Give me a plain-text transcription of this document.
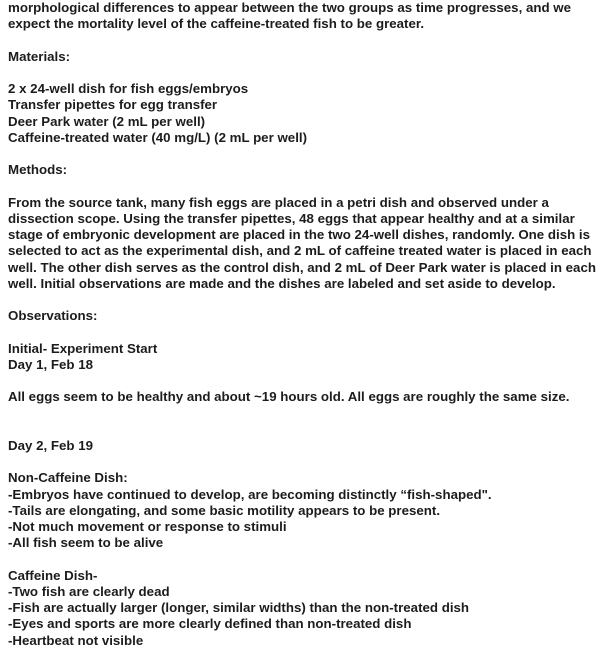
morphological differences to appear between the two groups as time progresses, and we
expect the mortality level of the caffeine-treated fish to be greater.
Materials:
2 x 24-well dish for fish eggs/embryos
Transfer pipettes for egg transfer
Deer Park water (2 mL per well)
Caffeine-treated water (40 mg/L) (2 mL per well)
Methods:
From the source tank, many fish eggs are placed in a petri dish and observed under a
dissection scope. Using the transfer pipettes, 48 eggs that appear healthy and at a similar
stage of embryonic development are placed in the two 24-well dishes, randomly. One dish is
selected to act as the experimental dish, and 2 mL of caffeine treated water is placed in each
well. The other dish serves as the control dish, and 2 mL of Deer Park water is placed in each
well. Initial observations are made and the dishes are labeled and set aside to develop.
Observations:
Initial- Experiment Start
Day 1, Feb 18
All eggs seem to be healthy and about ~19 hours old. All eggs are roughly the same size.
Day 2, Feb 19
Non-Caffeine Dish:
-Embryos have continued to develop, are becoming distinctly “fish-shaped".
-Tails are elongating, and some basic motility appears to be present.
-Not much movement or response to stimuli
-All fish seem to be alive
Caffeine Dish-
-Two fish are clearly dead
-Fish are actually larger (longer, similar widths) than the non-treated dish
-Eyes and sports are more clearly defined than non-treated dish
-Heartbeat not visible
